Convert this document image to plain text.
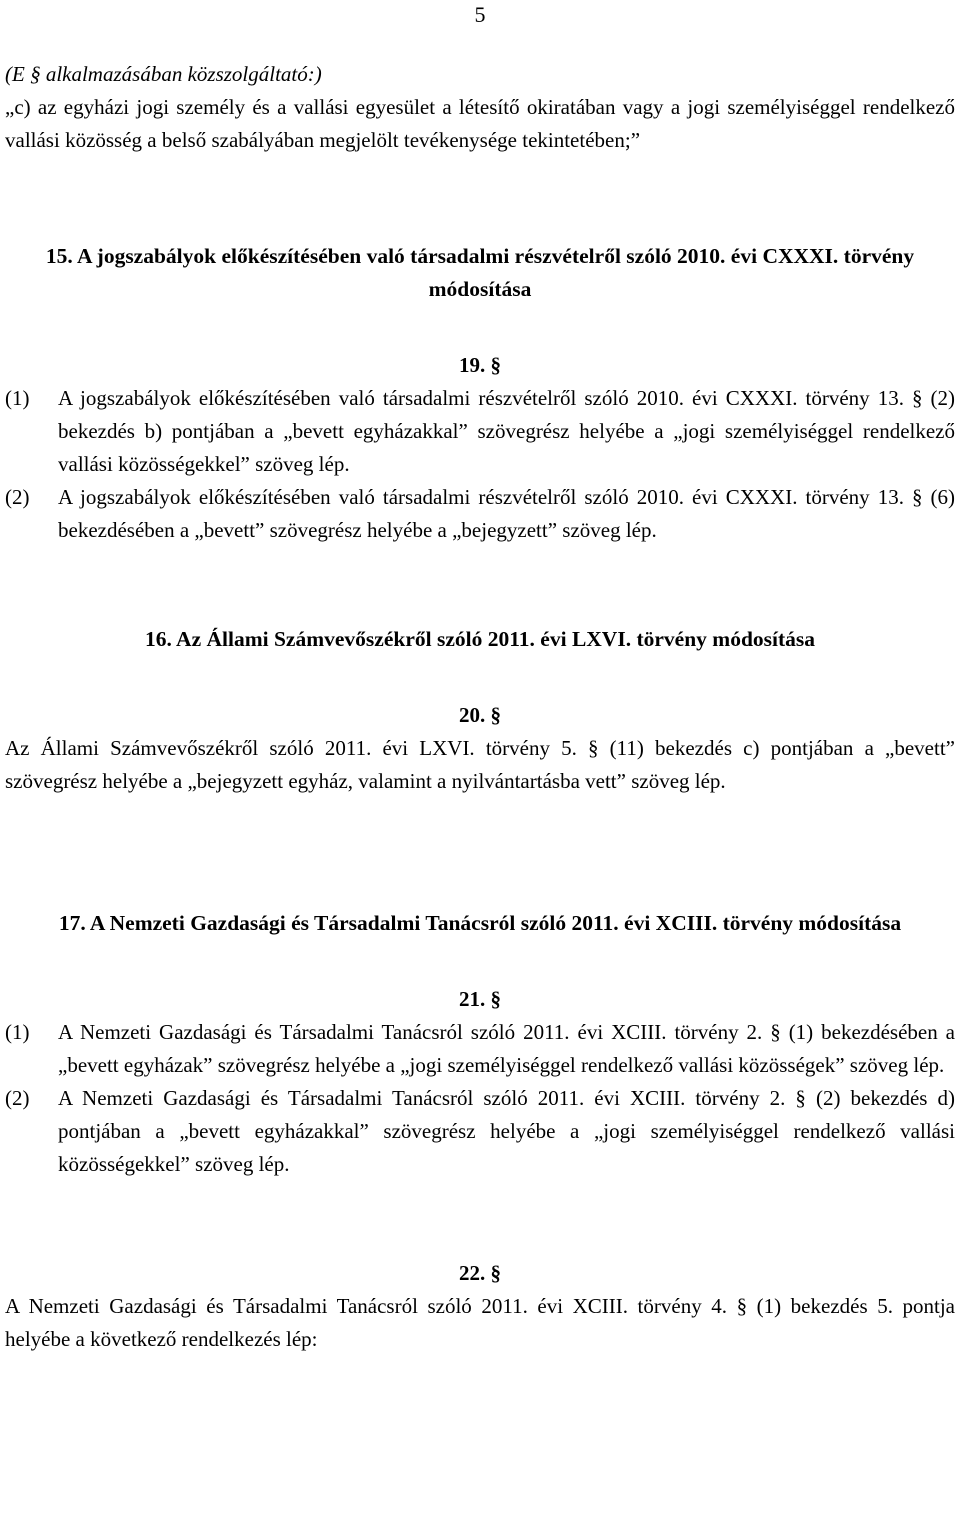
5

(E § alkalmazásában közszolgáltató:)

„c) az egyházi jogi személy és a vallási egyesület a létesítő okiratában vagy a jogi személyiséggel rendelkező vallási közösség a belső szabályában megjelölt tevékenysége tekintetében;”

15. A jogszabályok előkészítésében való társadalmi részvételről szóló 2010. évi CXXXI. törvény módosítása

19. §

(1)	A jogszabályok előkészítésében való társadalmi részvételről szóló 2010. évi CXXXI. törvény 13. § (2) bekezdés b) pontjában a „bevett egyházakkal” szövegrész helyébe a „jogi személyiséggel rendelkező vallási közösségekkel” szöveg lép.
(2)	A jogszabályok előkészítésében való társadalmi részvételről szóló 2010. évi CXXXI. törvény 13. § (6) bekezdésében a „bevett” szövegrész helyébe a „bejegyzett” szöveg lép.

16. Az Állami Számvevőszékről szóló 2011. évi LXVI. törvény módosítása

20. §

Az Állami Számvevőszékről szóló 2011. évi LXVI. törvény 5. § (11) bekezdés c) pontjában a „bevett” szövegrész helyébe a „bejegyzett egyház, valamint a nyilvántartásba vett” szöveg lép.

17. A Nemzeti Gazdasági és Társadalmi Tanácsról szóló 2011. évi XCIII. törvény módosítása

21. §

(1)	A Nemzeti Gazdasági és Társadalmi Tanácsról szóló 2011. évi XCIII. törvény 2. § (1) bekezdésében a „bevett egyházak” szövegrész helyébe a „jogi személyiséggel rendelkező vallási közösségek” szöveg lép.
(2)	A Nemzeti Gazdasági és Társadalmi Tanácsról szóló 2011. évi XCIII. törvény 2. § (2) bekezdés d) pontjában a „bevett egyházakkal” szövegrész helyébe a „jogi személyiséggel rendelkező vallási közösségekkel” szöveg lép.

22. §

A Nemzeti Gazdasági és Társadalmi Tanácsról szóló 2011. évi XCIII. törvény 4. § (1) bekezdés 5. pontja helyébe a következő rendelkezés lép:
